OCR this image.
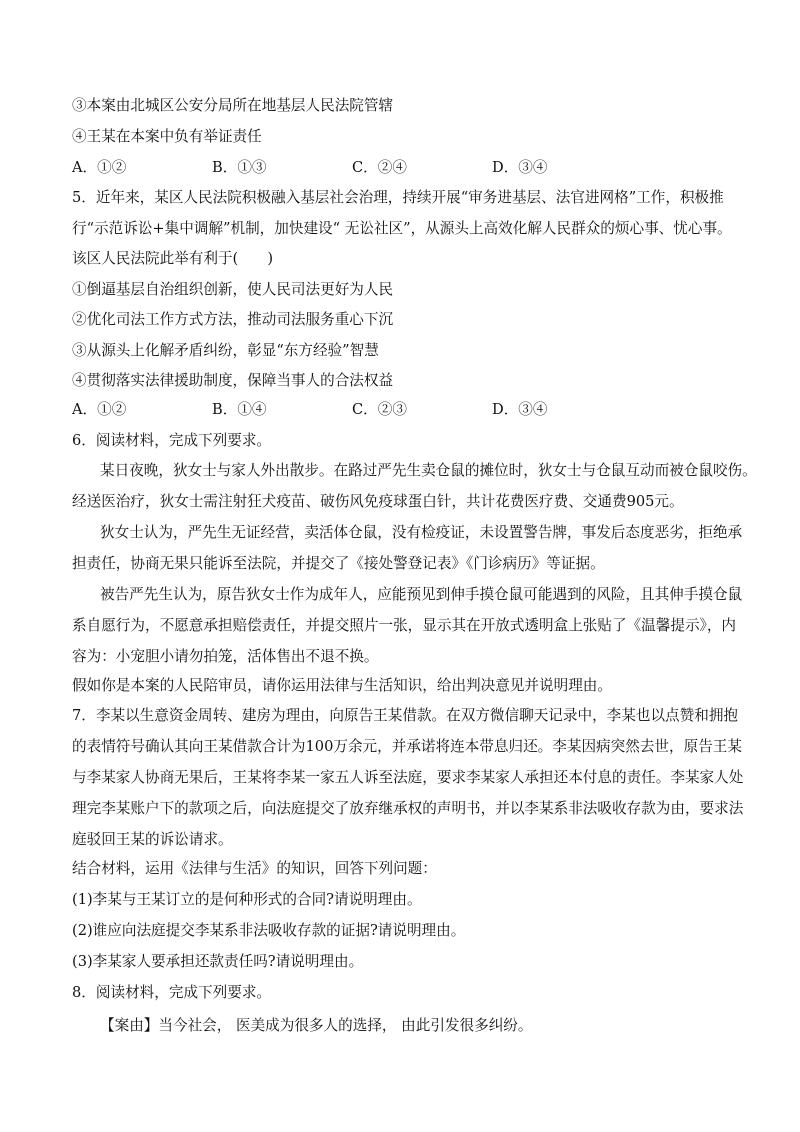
③本案由北城区公安分局所在地基层人民法院管辖
④王某在本案中负有举证责任
A．①②	B．①③	C．②④	D．③④
5．近年来，某区人民法院积极融入基层社会治理，持续开展“审务进基层、法官进网格”工作，积极推
行“示范诉讼+集中调解”机制，加快建设“ 无讼社区”，从源头上高效化解人民群众的烦心事、忧心事。
该区人民法院此举有利于(　　)
①倒逼基层自治组织创新，使人民司法更好为人民
②优化司法工作方式方法，推动司法服务重心下沉
③从源头上化解矛盾纠纷，彰显“东方经验”智慧
④贯彻落实法律援助制度，保障当事人的合法权益
A．①②	B．①④	C．②③	D．③④
6．阅读材料，完成下列要求。
某日夜晚，狄女士与家人外出散步。在路过严先生卖仓鼠的摊位时，狄女士与仓鼠互动而被仓鼠咬伤。
经送医治疗，狄女士需注射狂犬疫苗、破伤风免疫球蛋白针，共计花费医疗费、交通费905元。
狄女士认为，严先生无证经营，卖活体仓鼠，没有检疫证，未设置警告牌，事发后态度恶劣，拒绝承
担责任，协商无果只能诉至法院，并提交了《接处警登记表》《门诊病历》等证据。
被告严先生认为，原告狄女士作为成年人，应能预见到伸手摸仓鼠可能遇到的风险，且其伸手摸仓鼠
系自愿行为，不愿意承担赔偿责任，并提交照片一张，显示其在开放式透明盒上张贴了《温馨提示》，内
容为：小宠胆小请勿拍笼，活体售出不退不换。
假如你是本案的人民陪审员，请你运用法律与生活知识，给出判决意见并说明理由。
7．李某以生意资金周转、建房为理由，向原告王某借款。在双方微信聊天记录中，李某也以点赞和拥抱
的表情符号确认其向王某借款合计为100万余元，并承诺将连本带息归还。李某因病突然去世，原告王某
与李某家人协商无果后，王某将李某一家五人诉至法庭，要求李某家人承担还本付息的责任。李某家人处
理完李某账户下的款项之后，向法庭提交了放弃继承权的声明书，并以李某系非法吸收存款为由，要求法
庭驳回王某的诉讼请求。
结合材料，运用《法律与生活》的知识，回答下列问题：
(1)李某与王某订立的是何种形式的合同?请说明理由。
(2)谁应向法庭提交李某系非法吸收存款的证据?请说明理由。
(3)李某家人要承担还款责任吗?请说明理由。
8．阅读材料，完成下列要求。
【案由】当今社会， 医美成为很多人的选择， 由此引发很多纠纷。
